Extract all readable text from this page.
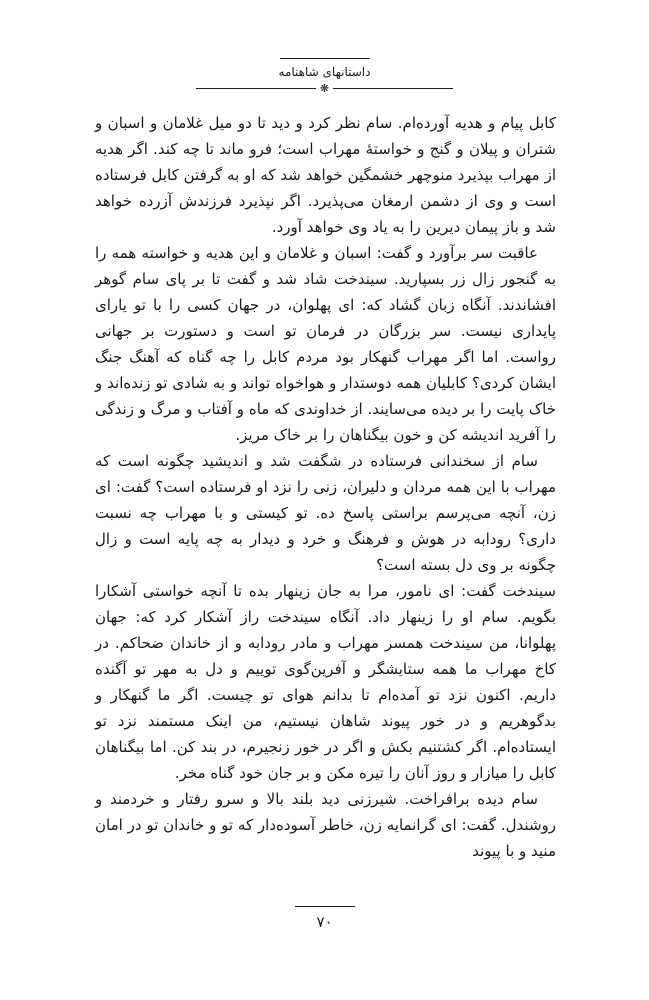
داستانهای شاهنامه
❋

کابل پیام و هدیه آورده‌ام. سام نظر کرد و دید تا دو میل غلامان و اسبان و شتران و پیلان و گنج و خواستهٔ مهراب است؛ فرو ماند تا چه کند. اگر هدیه از مهراب بپذیرد منوچهر خشمگین خواهد شد که او به گرفتن کابل فرستاده است و وی از دشمن ارمغان می‌پذیرد. اگر نپذیرد فرزندش آزرده خواهد شد و باز پیمان دیرین را به یاد وی خواهد آورد.

عاقبت سر برآورد و گفت: اسبان و غلامان و این هدیه و خواسته همه را به گنجور زال زر بسپارید. سیندخت شاد شد و گفت تا بر پای سام گوهر افشاندند. آنگاه زبان گشاد که: ای پهلوان، در جهان کسی را با تو یارای پایداری نیست. سر بزرگان در فرمان تو است و دستورت بر جهانی رواست. اما اگر مهراب گنهکار بود مردم کابل را چه گناه که آهنگ جنگ ایشان کردی؟ کابلیان همه دوستدار و هواخواه تواند و به شادی تو زنده‌اند و خاک پایت را بر دیده می‌سایند. از خداوندی که ماه و آفتاب و مرگ و زندگی را آفرید اندیشه کن و خون بیگناهان را بر خاک مریز.

سام از سخندانی فرستاده در شگفت شد و اندیشید چگونه است که مهراب با این همه مردان و دلیران، زنی را نزد او فرستاده است؟ گفت: ای زن، آنچه می‌پرسم براستی پاسخ ده. تو کیستی و با مهراب چه نسبت داری؟ رودابه در هوش و فرهنگ و خرد و دیدار به چه پایه است و زال چگونه بر وی دل بسته است؟

سیندخت گفت: ای نامور، مرا به جان زینهار بده تا آنچه خواستی آشکارا بگویم. سام او را زینهار داد. آنگاه سیندخت راز آشکار کرد که: جهان پهلوانا، من سیندخت همسر مهراب و مادر رودابه و از خاندان ضحاکم. در کاخ مهراب ما همه ستایشگر و آفرین‌گوی توییم و دل به مهر تو آگنده داریم. اکنون نزد تو آمده‌ام تا بدانم هوای تو چیست. اگر ما گنهکار و بدگوهریم و در خور پیوند شاهان نیستیم، من اینک مستمند نزد تو ایستاده‌ام. اگر کشتنیم بکش و اگر در خور زنجیرم، در بند کن. اما بیگناهان کابل را میازار و روز آنان را تیره مکن و بر جان خود گناه مخر.

سام دیده برافراخت. شیرزنی دید بلند بالا و سرو رفتار و خردمند و روشندل. گفت: ای گرانمایه زن، خاطر آسوده‌دار که تو و خاندان تو در امان منید و با پیوند

۷۰
